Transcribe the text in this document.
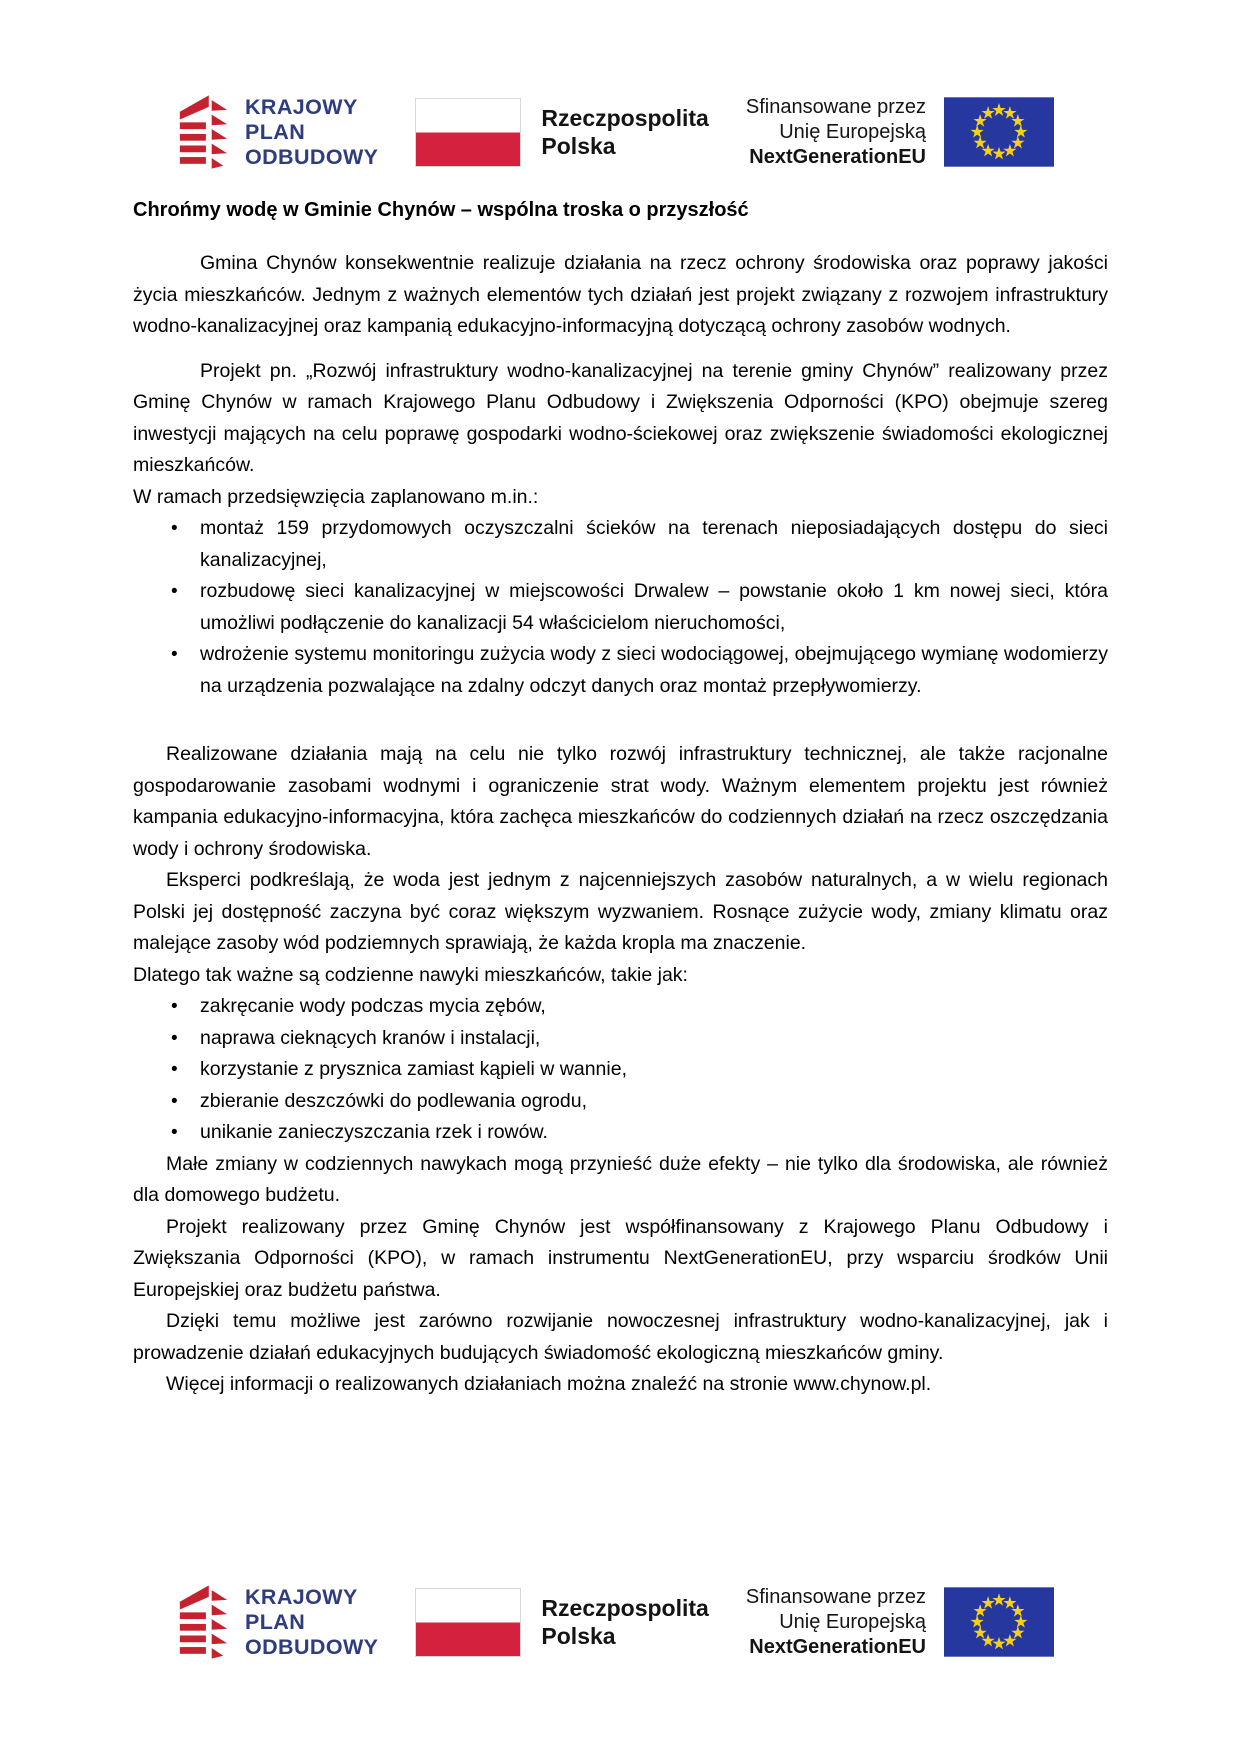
KRAJOWY
PLAN
ODBUDOWY
Rzeczpospolita
Polska
Sfinansowane przez
Unię Europejską
NextGenerationEU
Chrońmy wodę w Gminie Chynów – wspólna troska o przyszłość

Gmina Chynów konsekwentnie realizuje działania na rzecz ochrony środowiska oraz poprawy jakości życia mieszkańców. Jednym z ważnych elementów tych działań jest projekt związany z rozwojem infrastruktury wodno-kanalizacyjnej oraz kampanią edukacyjno-informacyjną dotyczącą ochrony zasobów wodnych.

Projekt pn. „Rozwój infrastruktury wodno-kanalizacyjnej na terenie gminy Chynów” realizowany przez Gminę Chynów w ramach Krajowego Planu Odbudowy i Zwiększenia Odporności (KPO) obejmuje szereg inwestycji mających na celu poprawę gospodarki wodno-ściekowej oraz zwiększenie świadomości ekologicznej mieszkańców.

W ramach przedsięwzięcia zaplanowano m.in.:

• montaż 159 przydomowych oczyszczalni ścieków na terenach nieposiadających dostępu do sieci kanalizacyjnej,
• rozbudowę sieci kanalizacyjnej w miejscowości Drwalew – powstanie około 1 km nowej sieci, która umożliwi podłączenie do kanalizacji 54 właścicielom nieruchomości,
• wdrożenie systemu monitoringu zużycia wody z sieci wodociągowej, obejmującego wymianę wodomierzy na urządzenia pozwalające na zdalny odczyt danych oraz montaż przepływomierzy.

Realizowane działania mają na celu nie tylko rozwój infrastruktury technicznej, ale także racjonalne gospodarowanie zasobami wodnymi i ograniczenie strat wody. Ważnym elementem projektu jest również kampania edukacyjno-informacyjna, która zachęca mieszkańców do codziennych działań na rzecz oszczędzania wody i ochrony środowiska.

Eksperci podkreślają, że woda jest jednym z najcenniejszych zasobów naturalnych, a w wielu regionach Polski jej dostępność zaczyna być coraz większym wyzwaniem. Rosnące zużycie wody, zmiany klimatu oraz malejące zasoby wód podziemnych sprawiają, że każda kropla ma znaczenie.

Dlatego tak ważne są codzienne nawyki mieszkańców, takie jak:

• zakręcanie wody podczas mycia zębów,
• naprawa cieknących kranów i instalacji,
• korzystanie z prysznica zamiast kąpieli w wannie,
• zbieranie deszczówki do podlewania ogrodu,
• unikanie zanieczyszczania rzek i rowów.

Małe zmiany w codziennych nawykach mogą przynieść duże efekty – nie tylko dla środowiska, ale również dla domowego budżetu.

Projekt realizowany przez Gminę Chynów jest współfinansowany z Krajowego Planu Odbudowy i Zwiększania Odporności (KPO), w ramach instrumentu NextGenerationEU, przy wsparciu środków Unii Europejskiej oraz budżetu państwa.

Dzięki temu możliwe jest zarówno rozwijanie nowoczesnej infrastruktury wodno-kanalizacyjnej, jak i prowadzenie działań edukacyjnych budujących świadomość ekologiczną mieszkańców gminy.

Więcej informacji o realizowanych działaniach można znaleźć na stronie www.chynow.pl.

KRAJOWY
PLAN
ODBUDOWY
Rzeczpospolita
Polska
Sfinansowane przez
Unię Europejską
NextGenerationEU
